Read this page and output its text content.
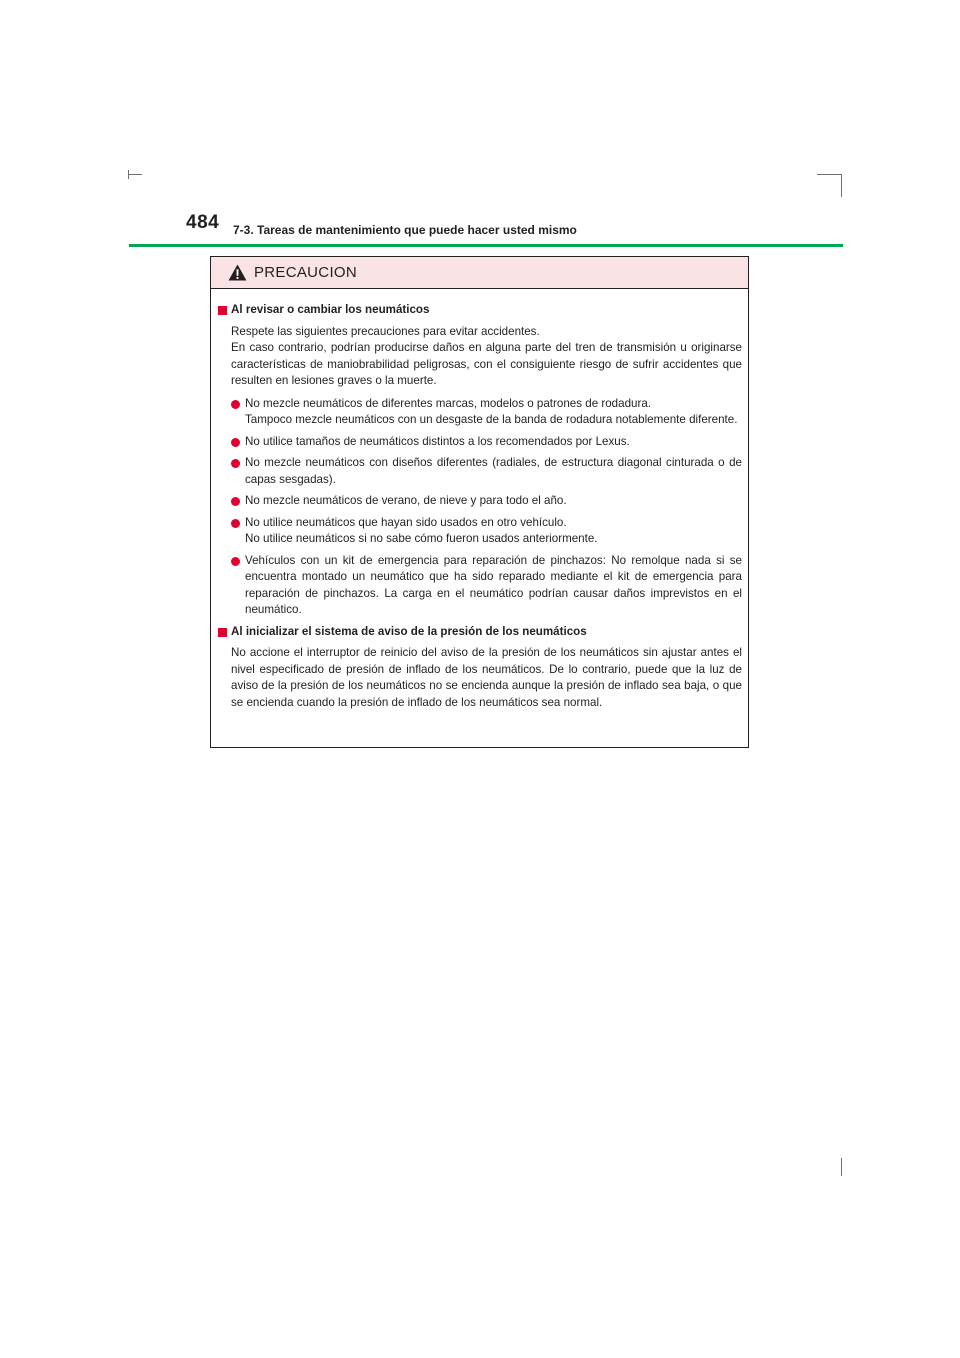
484 7-3. Tareas de mantenimiento que puede hacer usted mismo
PRECAUCION
Al revisar o cambiar los neumáticos

Respete las siguientes precauciones para evitar accidentes.

En caso contrario, podrían producirse daños en alguna parte del tren de transmisión u originarse características de maniobrabilidad peligrosas, con el consiguiente riesgo de sufrir accidentes que resulten en lesiones graves o la muerte.

No mezcle neumáticos de diferentes marcas, modelos o patrones de rodadura.
Tampoco mezcle neumáticos con un desgaste de la banda de rodadura notablemente diferente.
No utilice tamaños de neumáticos distintos a los recomendados por Lexus.
No mezcle neumáticos con diseños diferentes (radiales, de estructura diagonal cinturada o de capas sesgadas).
No mezcle neumáticos de verano, de nieve y para todo el año.
No utilice neumáticos que hayan sido usados en otro vehículo.
No utilice neumáticos si no sabe cómo fueron usados anteriormente.
Vehículos con un kit de emergencia para reparación de pinchazos: No remolque nada si se encuentra montado un neumático que ha sido reparado mediante el kit de emergencia para reparación de pinchazos. La carga en el neumático podrían causar daños imprevistos en el neumático.
Al inicializar el sistema de aviso de la presión de los neumáticos

No accione el interruptor de reinicio del aviso de la presión de los neumáticos sin ajustar antes el nivel especificado de presión de inflado de los neumáticos. De lo contrario, puede que la luz de aviso de la presión de los neumáticos no se encienda aunque la presión de inflado sea baja, o que se encienda cuando la presión de inflado de los neumáticos sea normal.
